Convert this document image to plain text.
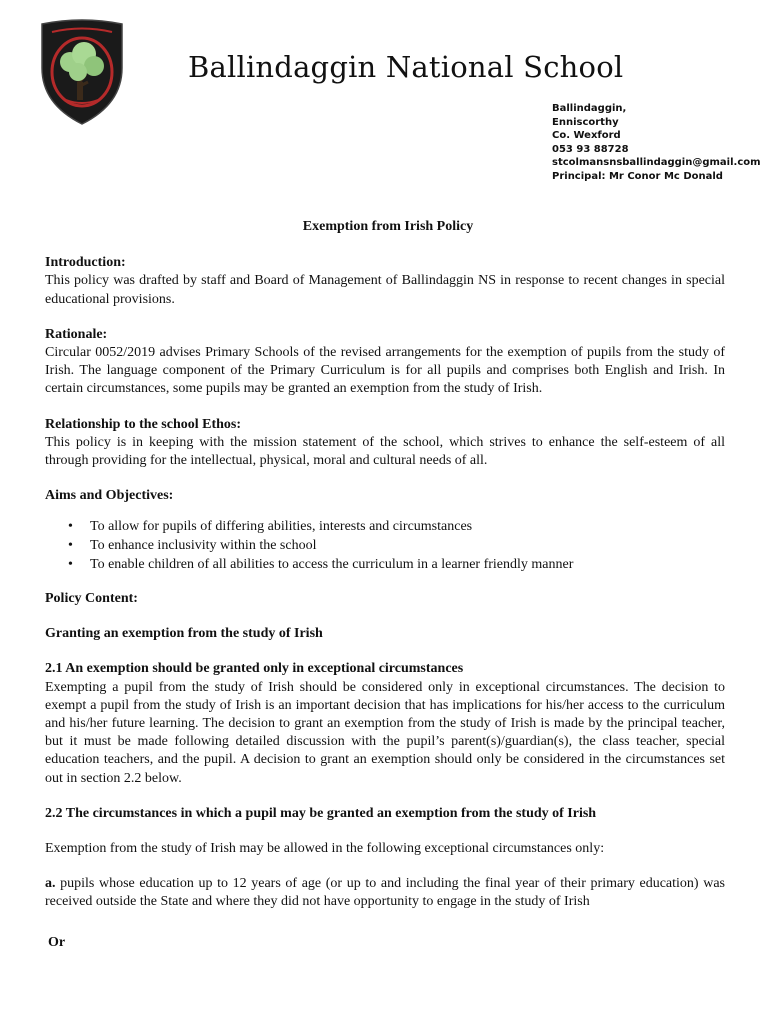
Ballindaggin National School
Ballindaggin,
Enniscorthy
Co. Wexford
053 93 88728
stcolmansnsballindaggin@gmail.com
Principal: Mr Conor Mc Donald
Exemption from Irish Policy
Introduction:
This policy was drafted by staff and Board of Management of Ballindaggin NS in response to recent changes in special educational provisions.
Rationale:
Circular 0052/2019 advises Primary Schools of the revised arrangements for the exemption of pupils from the study of Irish. The language component of the Primary Curriculum is for all pupils and comprises both English and Irish. In certain circumstances, some pupils may be granted an exemption from the study of Irish.
Relationship to the school Ethos:
This policy is in keeping with the mission statement of the school, which strives to enhance the self-esteem of all through providing for the intellectual, physical, moral and cultural needs of all.
Aims and Objectives:
• To allow for pupils of differing abilities, interests and circumstances
• To enhance inclusivity within the school
• To enable children of all abilities to access the curriculum in a learner friendly manner
Policy Content:
Granting an exemption from the study of Irish
2.1 An exemption should be granted only in exceptional circumstances
Exempting a pupil from the study of Irish should be considered only in exceptional circumstances. The decision to exempt a pupil from the study of Irish is an important decision that has implications for his/her access to the curriculum and his/her future learning. The decision to grant an exemption from the study of Irish is made by the principal teacher, but it must be made following detailed discussion with the pupil’s parent(s)/guardian(s), the class teacher, special education teachers, and the pupil. A decision to grant an exemption should only be considered in the circumstances set out in section 2.2 below.
2.2 The circumstances in which a pupil may be granted an exemption from the study of Irish
Exemption from the study of Irish may be allowed in the following exceptional circumstances only:
a. pupils whose education up to 12 years of age (or up to and including the final year of their primary education) was received outside the State and where they did not have opportunity to engage in the study of Irish
Or
